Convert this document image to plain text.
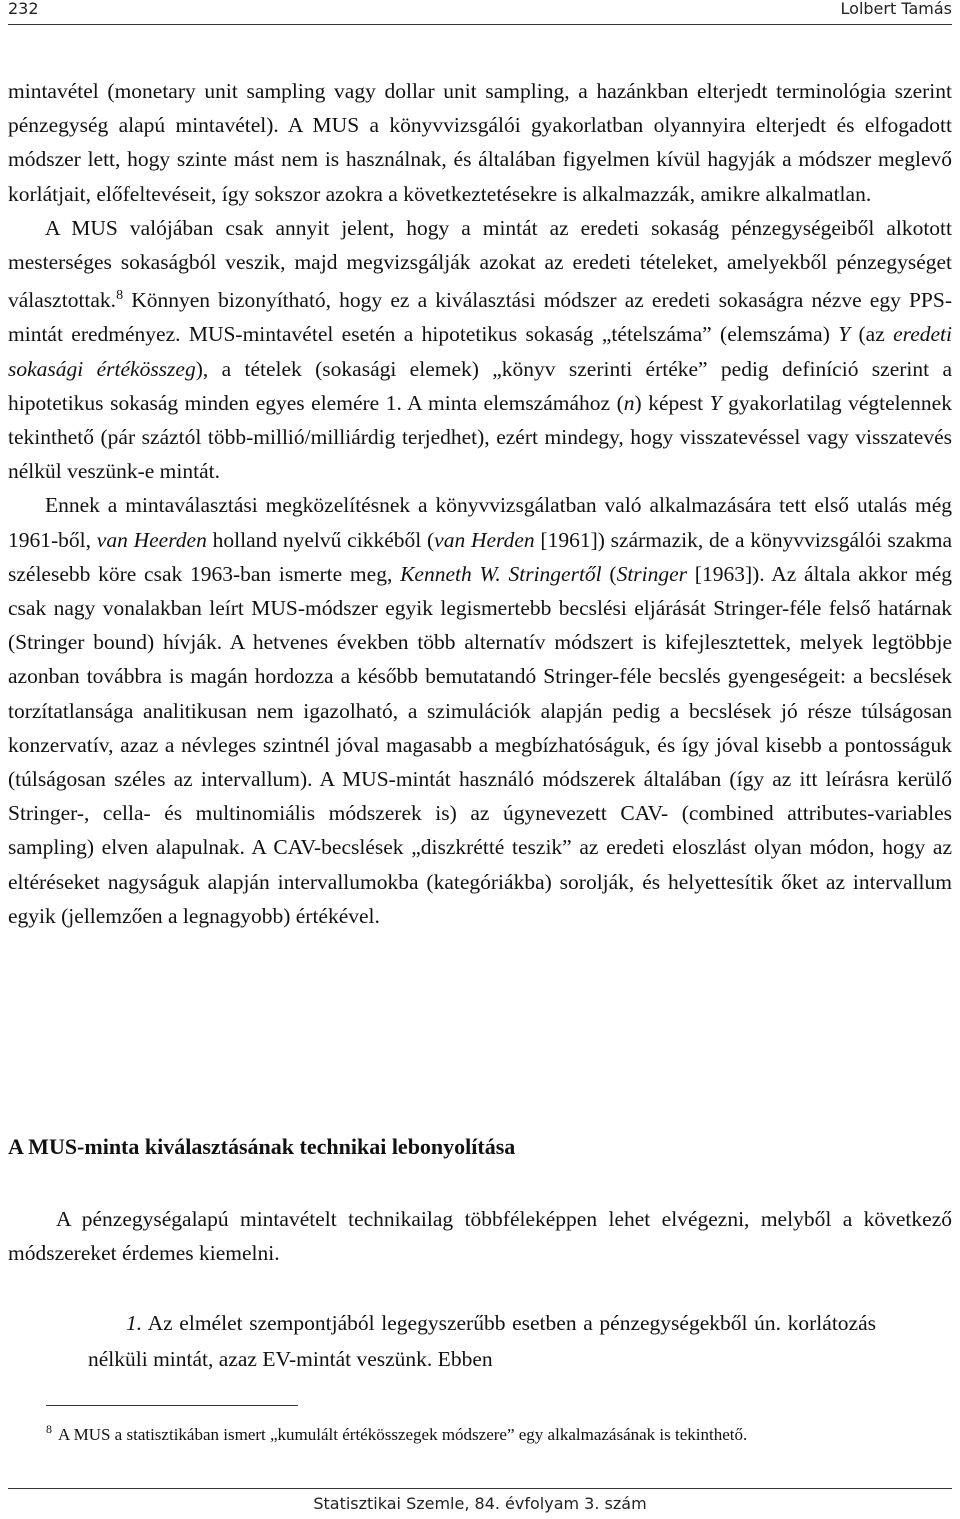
232	Lolbert Tamás

mintavétel (monetary unit sampling vagy dollar unit sampling, a hazánkban elterjedt terminológia szerint pénzegység alapú mintavétel). A MUS a könyvvizsgálói gyakorlatban olyannyira elterjedt és elfogadott módszer lett, hogy szinte mást nem is használnak, és általában figyelmen kívül hagyják a módszer meglevő korlátjait, előfeltevéseit, így sokszor azokra a következtetésekre is alkalmazzák, amikre alkalmatlan.

A MUS valójában csak annyit jelent, hogy a mintát az eredeti sokaság pénzegységeiből alkotott mesterséges sokaságból veszik, majd megvizsgálják azokat az eredeti tételeket, amelyekből pénzegységet választottak.$^8$ Könnyen bizonyítható, hogy ez a kiválasztási módszer az eredeti sokaságra nézve egy PPS-mintát eredményez. MUS-mintavétel esetén a hipotetikus sokaság „tételszáma” (elemszáma) Y (az eredeti sokasági értékösszeg), a tételek (sokasági elemek) „könyv szerinti értéke” pedig definíció szerint a hipotetikus sokaság minden egyes elemére 1. A minta elemszámához (n) képest Y gyakorlatilag végtelennek tekinthető (pár száztól több-millió/milliárdig terjedhet), ezért mindegy, hogy visszatevéssel vagy visszatevés nélkül veszünk-e mintát.

Ennek a mintaválasztási megközelítésnek a könyvvizsgálatban való alkalmazására tett első utalás még 1961-ből, van Heerden holland nyelvű cikkéből (van Herden [1961]) származik, de a könyvvizsgálói szakma szélesebb köre csak 1963-ban ismerte meg, Kenneth W. Stringertől (Stringer [1963]). Az általa akkor még csak nagy vonalakban leírt MUS-módszer egyik legismertebb becslési eljárását Stringer-féle felső határnak (Stringer bound) hívják. A hetvenes években több alternatív módszert is kifejlesztettek, melyek legtöbbje azonban továbbra is magán hordozza a később bemutatandó Stringer-féle becslés gyengeségeit: a becslések torzítatlansága analitikusan nem igazolható, a szimulációk alapján pedig a becslések jó része túlságosan konzervatív, azaz a névleges szintnél jóval magasabb a megbízhatóságuk, és így jóval kisebb a pontosságuk (túlságosan széles az intervallum). A MUS-mintát használó módszerek általában (így az itt leírásra kerülő Stringer-, cella- és multinomiális módszerek is) az úgynevezett CAV- (combined attributes-variables sampling) elven alapulnak. A CAV-becslések „diszkrétté teszik” az eredeti eloszlást olyan módon, hogy az eltéréseket nagyságuk alapján intervallumokba (kategóriákba) sorolják, és helyettesítik őket az intervallum egyik (jellemzően a legnagyobb) értékével.

A MUS-minta kiválasztásának technikai lebonyolítása

A pénzegységalapú mintavételt technikailag többféleképpen lehet elvégezni, melyből a következő módszereket érdemes kiemelni.

1. Az elmélet szempontjából legegyszerűbb esetben a pénzegységekből ún. korlátozás nélküli mintát, azaz EV-mintát veszünk. Ebben

$^8$ A MUS a statisztikában ismert „kumulált értékösszegek módszere” egy alkalmazásának is tekinthető.
Statisztikai Szemle, 84. évfolyam 3. szám
